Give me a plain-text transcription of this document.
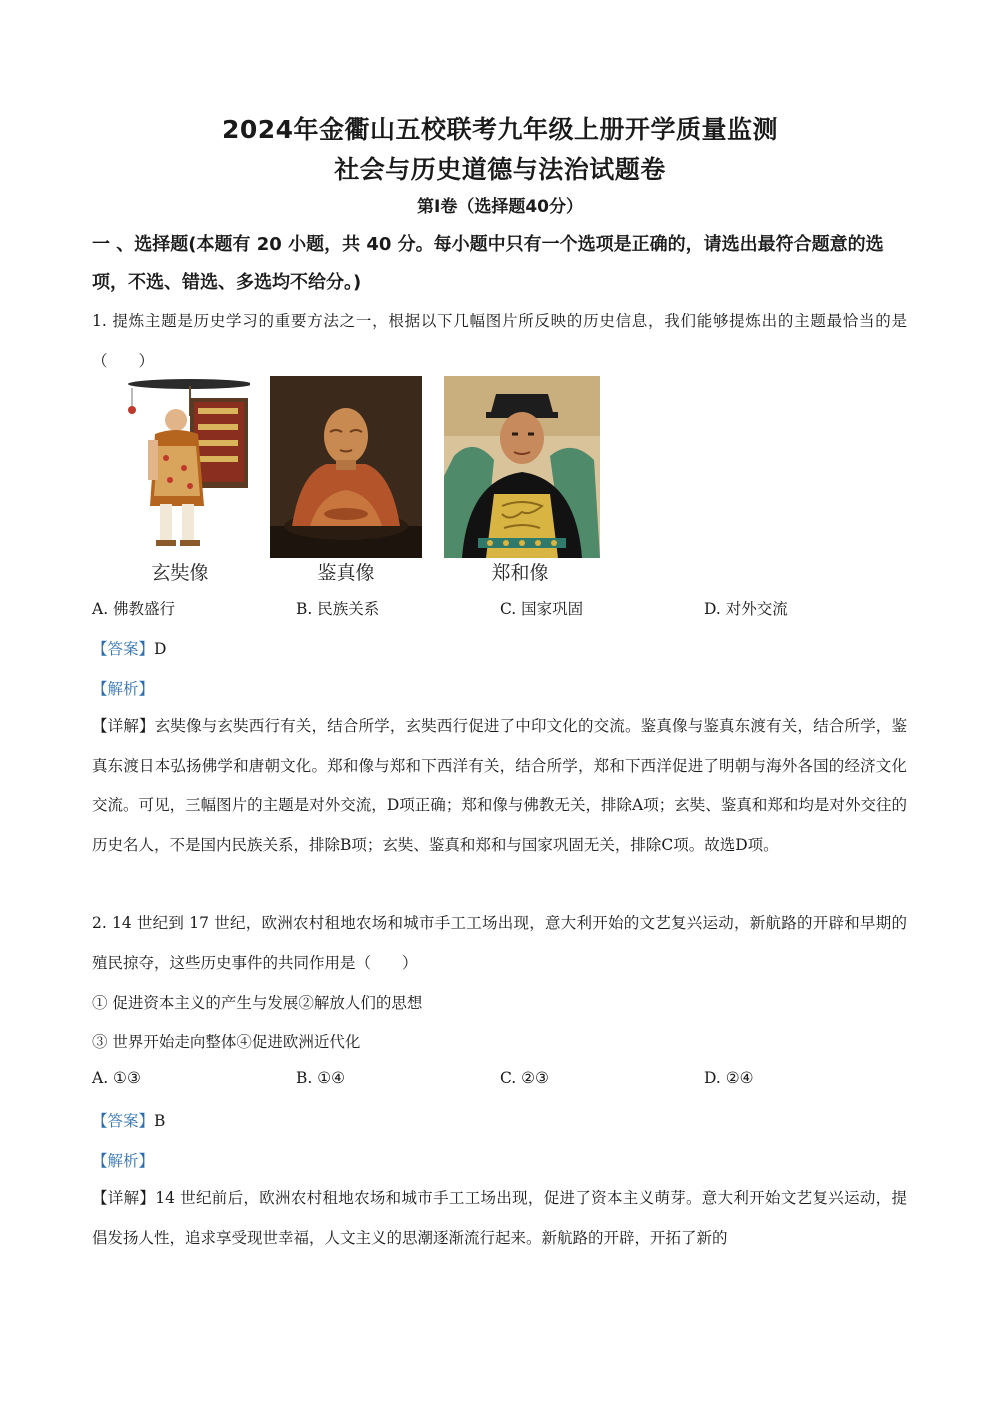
2024年金衢山五校联考九年级上册开学质量监测
社会与历史道德与法治试题卷
第I卷（选择题40分）
一 、选择题(本题有 20 小题，共 40 分。每小题中只有一个选项是正确的，请选出最符合题意的选项，不选、错选、多选均不给分。)
1. 提炼主题是历史学习的重要方法之一，根据以下几幅图片所反映的历史信息，我们能够提炼出的主题最恰当的是（　　）
玄奘像	鉴真像	郑和像
A. 佛教盛行	B. 民族关系	C. 国家巩固	D. 对外交流
【答案】D
【解析】
【详解】玄奘像与玄奘西行有关，结合所学，玄奘西行促进了中印文化的交流。鉴真像与鉴真东渡有关，结合所学，鉴真东渡日本弘扬佛学和唐朝文化。郑和像与郑和下西洋有关，结合所学，郑和下西洋促进了明朝与海外各国的经济文化交流。可见，三幅图片的主题是对外交流，D项正确；郑和像与佛教无关，排除A项；玄奘、鉴真和郑和均是对外交往的历史名人，不是国内民族关系，排除B项；玄奘、鉴真和郑和与国家巩固无关，排除C项。故选D项。
2. 14 世纪到 17 世纪，欧洲农村租地农场和城市手工工场出现，意大利开始的文艺复兴运动，新航路的开辟和早期的殖民掠夺，这些历史事件的共同作用是（　　）
① 促进资本主义的产生与发展②解放人们的思想
③ 世界开始走向整体④促进欧洲近代化
A. ①③	B. ①④	C. ②③	D. ②④
【答案】B
【解析】
【详解】14 世纪前后，欧洲农村租地农场和城市手工工场出现，促进了资本主义萌芽。意大利开始文艺复兴运动，提倡发扬人性，追求享受现世幸福，人文主义的思潮逐渐流行起来。新航路的开辟，开拓了新的
